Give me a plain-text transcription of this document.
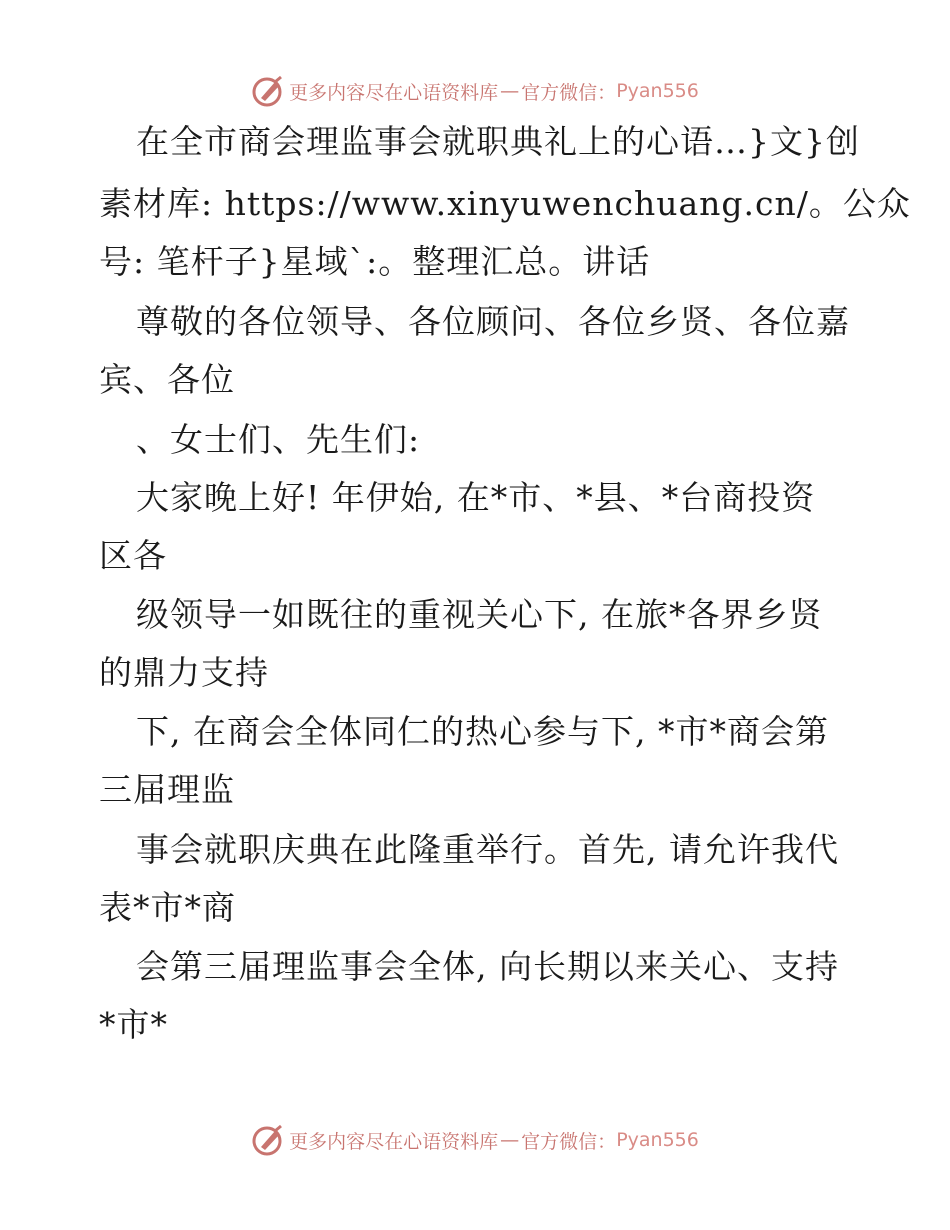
更多内容尽在心语资料库 — 官方微信： Pyan556
在全市商会理监事会就职典礼上的心语…}文}创
素材库: https://www.xinyuwenchuang.cn/。公众
号: 笔杆子}星域`:。整理汇总。讲话
尊敬的各位领导、各位顾问、各位乡贤、各位嘉
宾、各位
、女士们、先生们:
大家晚上好! 年伊始, 在*市、*县、*台商投资
区各
级领导一如既往的重视关心下, 在旅*各界乡贤
的鼎力支持
下, 在商会全体同仁的热心参与下, *市*商会第
三届理监
事会就职庆典在此隆重举行。首先, 请允许我代
表*市*商
会第三届理监事会全体, 向长期以来关心、支持
*市*
更多内容尽在心语资料库 — 官方微信： Pyan556
